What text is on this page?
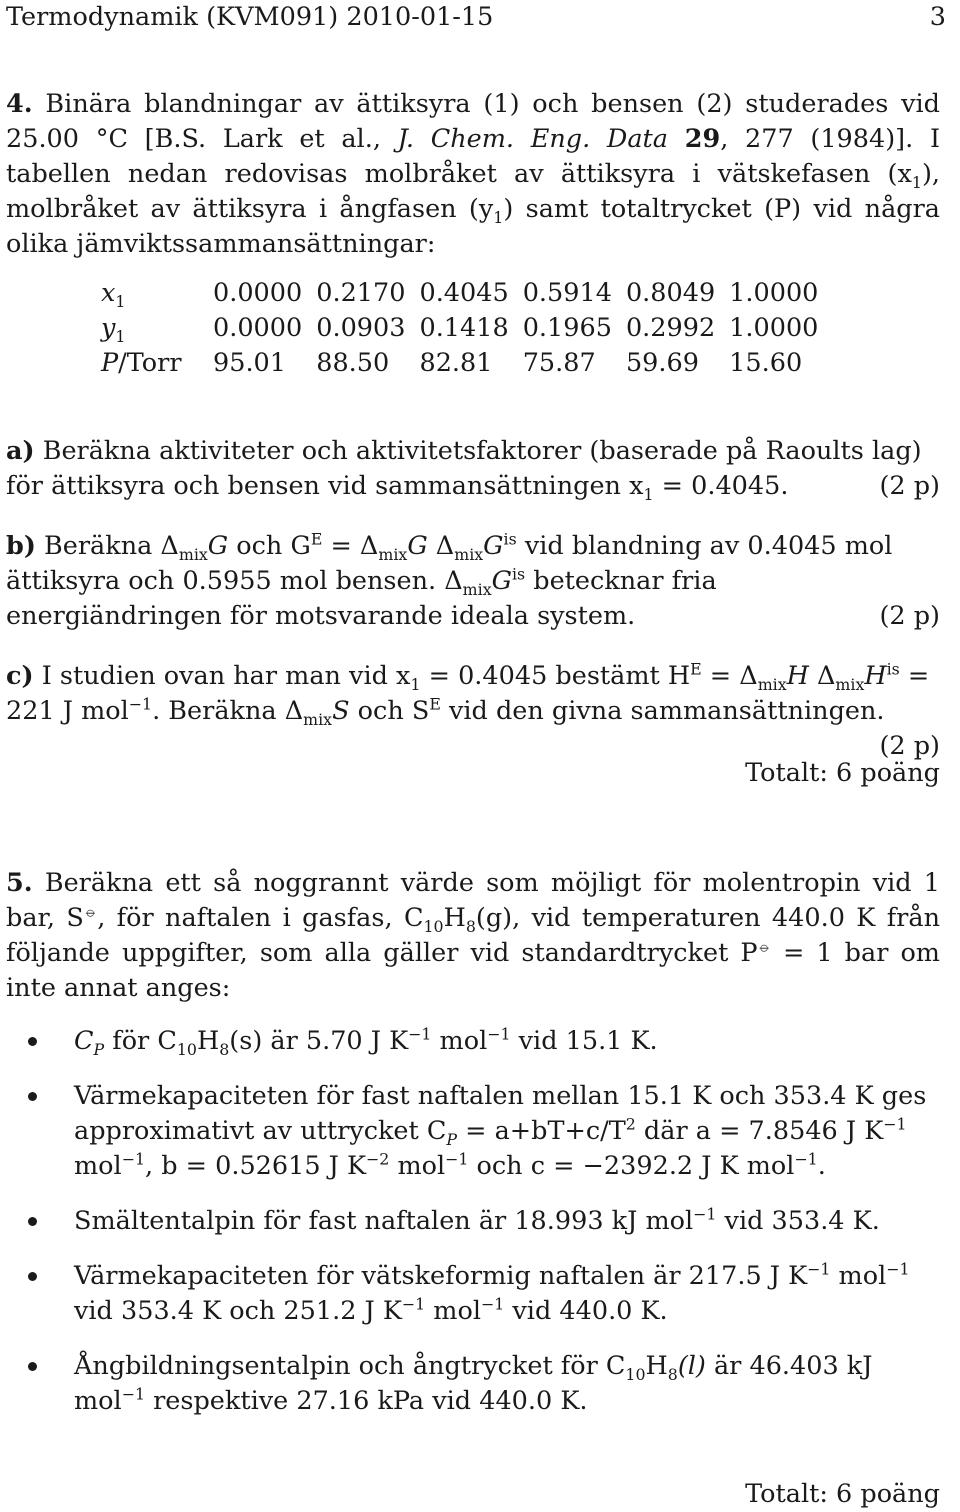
Termodynamik (KVM091) 2010-01-15	3
4. Binära blandningar av ättiksyra (1) och bensen (2) studerades vid 25.00 °C [B.S. Lark et al., J. Chem. Eng. Data 29, 277 (1984)]. I tabellen nedan redovisas molbråket av ättiksyra i vätskefasen $(x_1)$, molbråket av ättiksyra i ångfasen $(y_1)$ samt totaltrycket (P) vid några olika jämviktssammansättningar:
$x_1$	0.0000	0.2170	0.4045	0.5914	0.8049	1.0000
$y_1$	0.0000	0.0903	0.1418	0.1965	0.2992	1.0000
P/Torr	95.01	88.50	82.81	75.87	59.69	15.60
a) Beräkna aktiviteter och aktivitetsfaktorer (baserade på Raoults lag) för ättiksyra och bensen vid sammansättningen $x_1 = 0.4045$.	(2 p)
b) Beräkna $\Delta_{mix}G$ och $G^E = \Delta_{mix}G$ $\Delta_{mix}G^{is}$ vid blandning av 0.4045 mol ättiksyra och 0.5955 mol bensen. $\Delta_{mix}G^{is}$ betecknar fria energiändringen för motsvarande ideala system.	(2 p)
c) I studien ovan har man vid $x_1 = 0.4045$ bestämt $H^E = \Delta_{mix}H$ $\Delta_{mix}H^{is} = 221$ J mol$^{-1}$. Beräkna $\Delta_{mix}S$ och $S^E$ vid den givna sammansättningen.
(2 p)
Totalt: 6 poäng
5. Beräkna ett så noggrannt värde som möjligt för molentropin vid 1 bar, S⦵, för naftalen i gasfas, $C_{10}H_8(g)$, vid temperaturen 440.0 K från följande uppgifter, som alla gäller vid standardtrycket P⦵ = 1 bar om inte annat anges:
$C_P$ för $C_{10}H_8(s)$ är 5.70 J $K^{-1}$ mol$^{-1}$ vid 15.1 K.
Värmekapaciteten för fast naftalen mellan 15.1 K och 353.4 K ges approximativt av uttrycket $C_P = a+bT+c/T^2$ där a = 7.8546 J $K^{-1}$ mol$^{-1}$, b = 0.52615 J $K^{-2}$ mol$^{-1}$ och c = −2392.2 J K mol$^{-1}$.
Smältentalpin för fast naftalen är 18.993 kJ mol$^{-1}$ vid 353.4 K.
Värmekapaciteten för vätskeformig naftalen är 217.5 J $K^{-1}$ mol$^{-1}$ vid 353.4 K och 251.2 J $K^{-1}$ mol$^{-1}$ vid 440.0 K.
Ångbildningsentalpin och ångtrycket för $C_{10}H_8(l)$ är 46.403 kJ mol$^{-1}$ respektive 27.16 kPa vid 440.0 K.
Totalt: 6 poäng
